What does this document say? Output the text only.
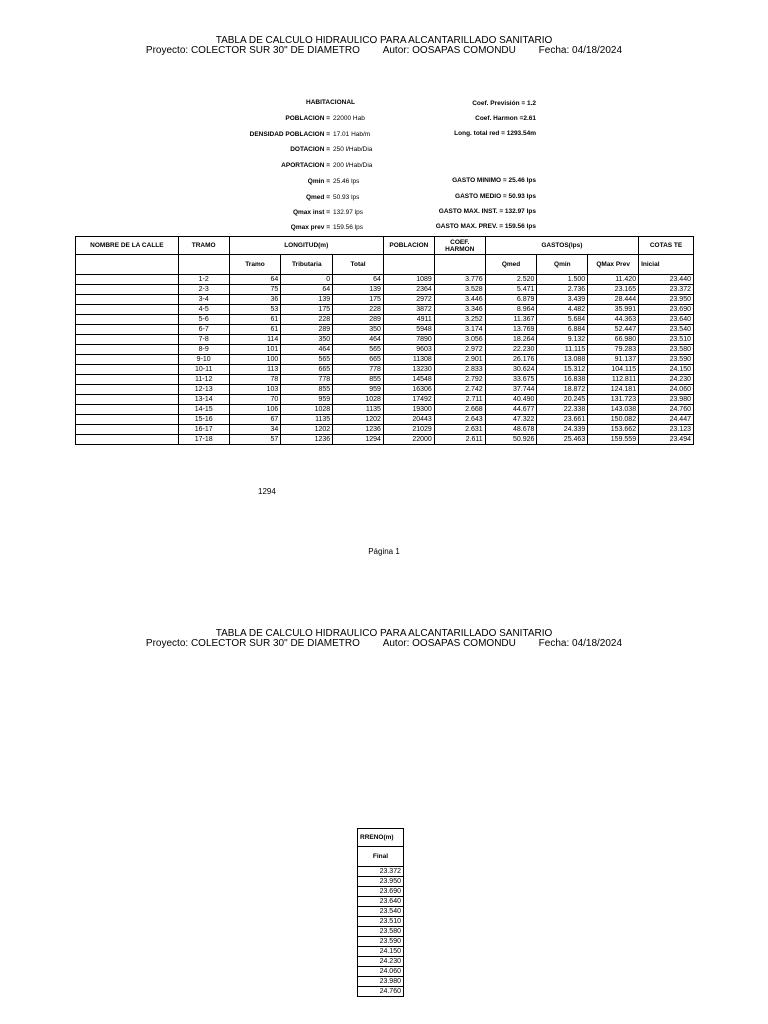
TABLA DE CALCULO HIDRAULICO PARA ALCANTARILLADO SANITARIO
Proyecto: COLECTOR SUR 30" DE DIAMETRO Autor: OOSAPAS COMONDU Fecha: 04/18/2024
HABITACIONAL
POBLACION = 22000 Hab
DENSIDAD POBLACION = 17.01 Hab/m
DOTACION = 250 l/Hab/Dia
APORTACION = 200 l/Hab/Dia
Qmin = 25.46 lps
Qmed = 50.93 lps
Qmax inst = 132.97 lps
Qmax prev = 159.56 lps
Coef. Previsión = 1.2
Coef. Harmon =2.61
Long. total red = 1293.54m
GASTO MINIMO = 25.46 lps
GASTO MEDIO = 50.93 lps
GASTO MAX. INST. = 132.97 lps
GASTO MAX. PREV. = 159.56 lps
NOMBRE DE LA CALLE	TRAMO	LONGITUD(m)			POBLACION	COEF. HARMON	GASTOS(lps)			COTAS TE
		Tramo	Tributaria	Total			Qmed	Qmin	QMax Prev	Inicial
	1-2	64	0	64	1089	3.776	2.520	1.500	11.420	23.440
	2-3	75	64	139	2364	3.528	5.471	2.736	23.165	23.372
	3-4	36	139	175	2972	3.446	6.879	3.439	28.444	23.950
	4-5	53	175	228	3872	3.346	8.964	4.482	35.991	23.690
	5-6	61	228	289	4911	3.252	11.367	5.684	44.363	23.640
	6-7	61	289	350	5948	3.174	13.769	6.884	52.447	23.540
	7-8	114	350	464	7890	3.056	18.264	9.132	66.980	23.510
	8-9	101	464	565	9603	2.972	22.230	11.115	79.283	23.580
	9-10	100	565	665	11308	2.901	26.176	13.088	91.137	23.590
	10-11	113	665	778	13230	2.833	30.624	15.312	104.115	24.150
	11-12	78	778	855	14548	2.792	33.675	16.838	112.811	24.230
	12-13	103	855	959	16306	2.742	37.744	18.872	124.181	24.060
	13-14	70	959	1028	17492	2.711	40.490	20.245	131.723	23.980
	14-15	106	1028	1135	19300	2.668	44.677	22.338	143.038	24.760
	15-16	67	1135	1202	20443	2.643	47.322	23.661	150.082	24.447
	16-17	34	1202	1236	21029	2.631	48.678	24.339	153.662	23.123
	17-18	57	1236	1294	22000	2.611	50.926	25.463	159.559	23.494
1294
Página 1
TABLA DE CALCULO HIDRAULICO PARA ALCANTARILLADO SANITARIO
Proyecto: COLECTOR SUR 30" DE DIAMETRO Autor: OOSAPAS COMONDU Fecha: 04/18/2024
RRENO(m)
Final
23.372
23.950
23.690
23.640
23.540
23.510
23.580
23.590
24.150
24.230
24.060
23.980
24.760
